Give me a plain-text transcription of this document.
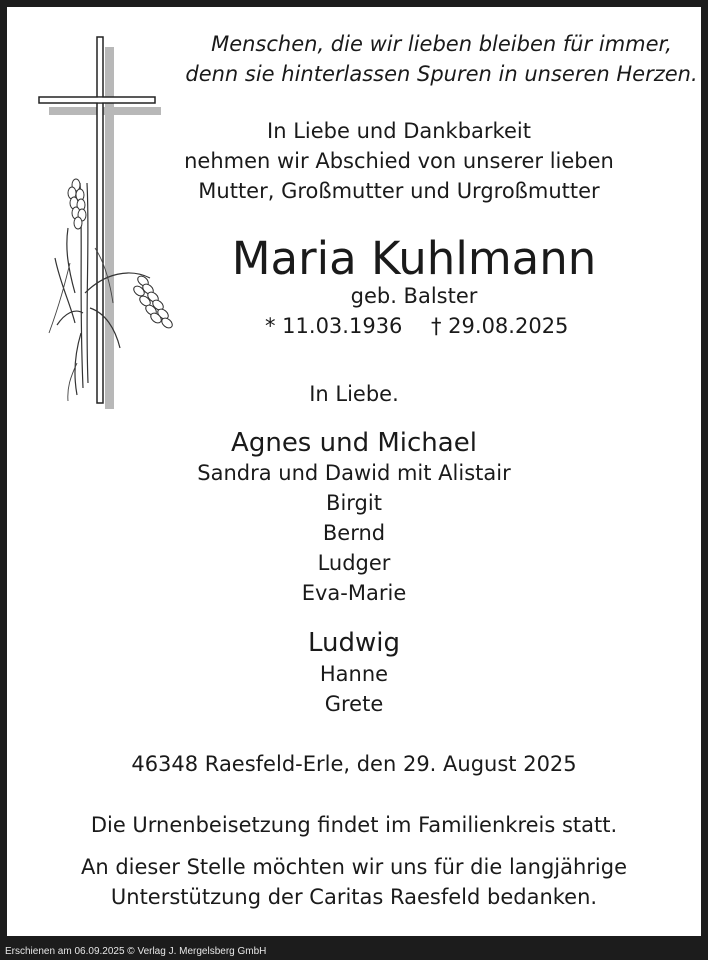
Menschen, die wir lieben bleiben für immer,
denn sie hinterlassen Spuren in unseren Herzen.
In Liebe und Dankbarkeit
nehmen wir Abschied von unserer lieben
Mutter, Großmutter und Urgroßmutter
Maria Kuhlmann
geb. Balster
* 11.03.1936 † 29.08.2025
In Liebe.
Agnes und Michael
Sandra und Dawid mit Alistair
Birgit
Bernd
Ludger
Eva-Marie
Ludwig
Hanne
Grete
46348 Raesfeld-Erle, den 29. August 2025
Die Urnenbeisetzung findet im Familienkreis statt.
An dieser Stelle möchten wir uns für die langjährige
Unterstützung der Caritas Raesfeld bedanken.
Erschienen am 06.09.2025 © Verlag J. Mergelsberg GmbH
